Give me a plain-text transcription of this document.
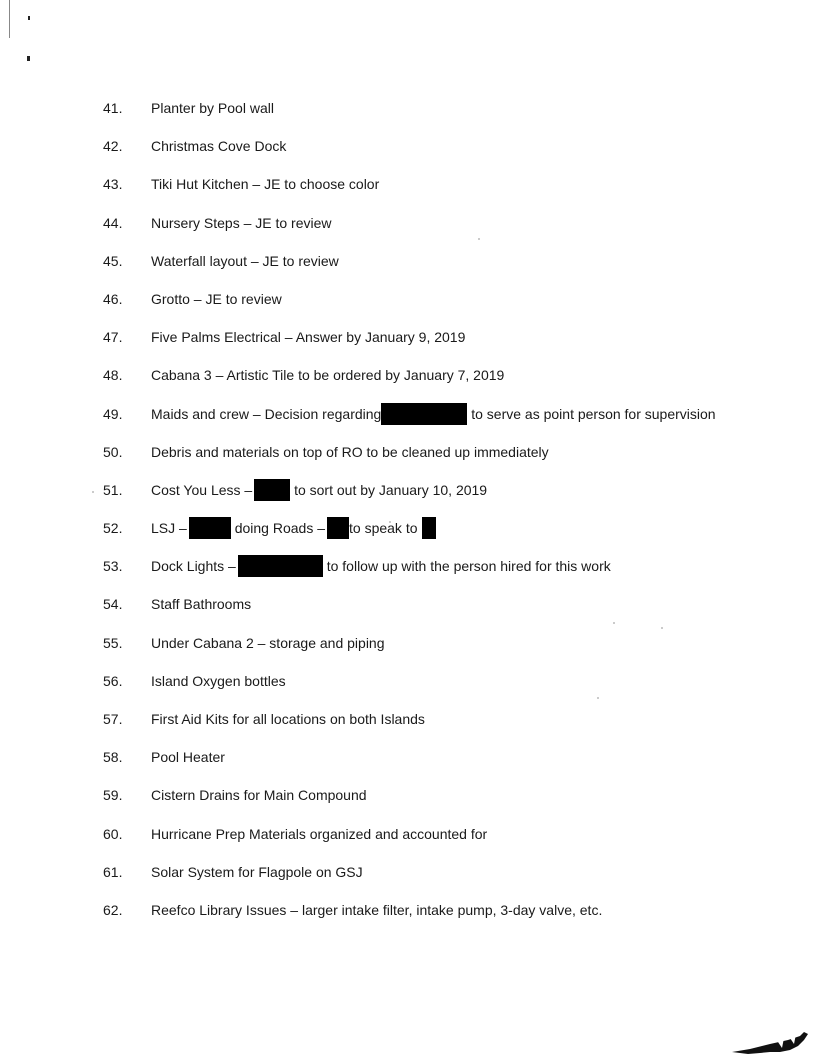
41.	Planter by Pool wall
42.	Christmas Cove Dock
43.	Tiki Hut Kitchen – JE to choose color
44.	Nursery Steps – JE to review
45.	Waterfall layout – JE to review
46.	Grotto – JE to review
47.	Five Palms Electrical – Answer by January 9, 2019
48.	Cabana 3 – Artistic Tile to be ordered by January 7, 2019
49.	Maids and crew – Decision regarding	to serve as point person for supervision
50.	Debris and materials on top of RO to be cleaned up immediately
51.	Cost You Less –	to sort out by January 10, 2019
52.	LSJ –	doing Roads – to speak to
53.	Dock Lights –	to follow up with the person hired for this work
54.	Staff Bathrooms
55.	Under Cabana 2 – storage and piping
56.	Island Oxygen bottles
57.	First Aid Kits for all locations on both Islands
58.	Pool Heater
59.	Cistern Drains for Main Compound
60.	Hurricane Prep Materials organized and accounted for
61.	Solar System for Flagpole on GSJ
62.	Reefco Library Issues – larger intake filter, intake pump, 3-day valve, etc.
